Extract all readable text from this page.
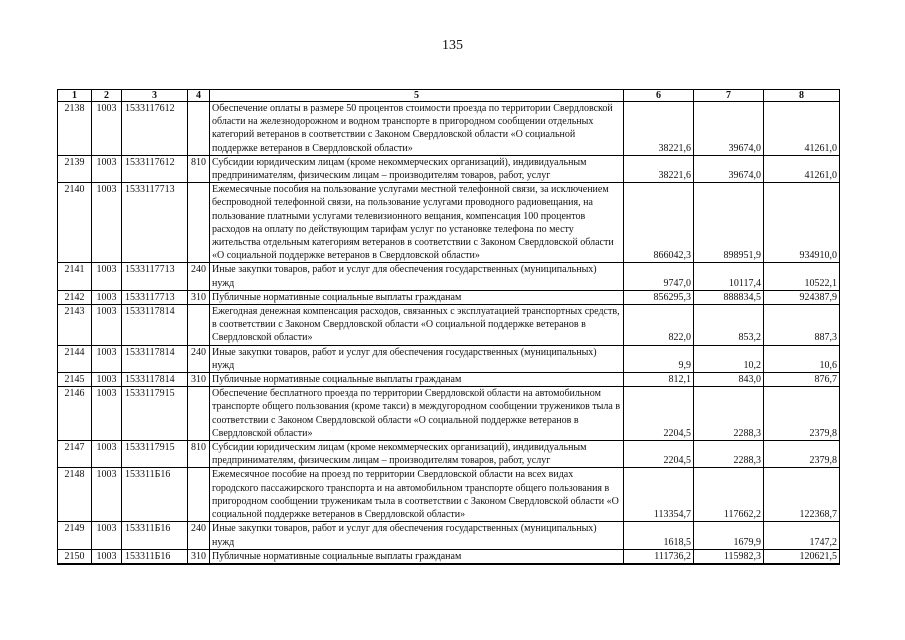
135
1	2	3	4	5	6	7	8
2138	1003	1533117612		Обеспечение оплаты в размере 50 процентов стоимости проезда по территории Свердловской области на железнодорожном и водном транспорте в пригородном сообщении отдельных категорий ветеранов в соответствии с Законом Свердловской области «О социальной поддержке ветеранов в Свердловской области»	38221,6	39674,0	41261,0
2139	1003	1533117612	810	Субсидии юридическим лицам (кроме некоммерческих организаций), индивидуальным предпринимателям, физическим лицам – производителям товаров, работ, услуг	38221,6	39674,0	41261,0
2140	1003	1533117713		Ежемесячные пособия на пользование услугами местной телефонной связи, за исключением беспроводной телефонной связи, на пользование услугами проводного радиовещания, на пользование платными услугами телевизионного вещания, компенсация 100 процентов расходов на оплату по действующим тарифам услуг по установке телефона по месту жительства отдельным категориям ветеранов в соответствии с Законом Свердловской области «О социальной поддержке ветеранов в Свердловской области»	866042,3	898951,9	934910,0
2141	1003	1533117713	240	Иные закупки товаров, работ и услуг для обеспечения государственных (муниципальных) нужд	9747,0	10117,4	10522,1
2142	1003	1533117713	310	Публичные нормативные социальные выплаты гражданам	856295,3	888834,5	924387,9
2143	1003	1533117814		Ежегодная денежная компенсация расходов, связанных с эксплуатацией транспортных средств, в соответствии с Законом Свердловской области «О социальной поддержке ветеранов в Свердловской области»	822,0	853,2	887,3
2144	1003	1533117814	240	Иные закупки товаров, работ и услуг для обеспечения государственных (муниципальных) нужд	9,9	10,2	10,6
2145	1003	1533117814	310	Публичные нормативные социальные выплаты гражданам	812,1	843,0	876,7
2146	1003	1533117915		Обеспечение бесплатного проезда по территории Свердловской области на автомобильном транспорте общего пользования (кроме такси) в междугородном сообщении тружеников тыла в соответствии с Законом Свердловской области «О социальной поддержке ветеранов в Свердловской области»	2204,5	2288,3	2379,8
2147	1003	1533117915	810	Субсидии юридическим лицам (кроме некоммерческих организаций), индивидуальным предпринимателям, физическим лицам – производителям товаров, работ, услуг	2204,5	2288,3	2379,8
2148	1003	153311Б16		Ежемесячное пособие на проезд по территории Свердловской области на всех видах городского пассажирского транспорта и на автомобильном транспорте общего пользования в пригородном сообщении труженикам тыла в соответствии с Законом Свердловской области «О социальной поддержке ветеранов в Свердловской области»	113354,7	117662,2	122368,7
2149	1003	153311Б16	240	Иные закупки товаров, работ и услуг для обеспечения государственных (муниципальных) нужд	1618,5	1679,9	1747,2
2150	1003	153311Б16	310	Публичные нормативные социальные выплаты гражданам	111736,2	115982,3	120621,5
